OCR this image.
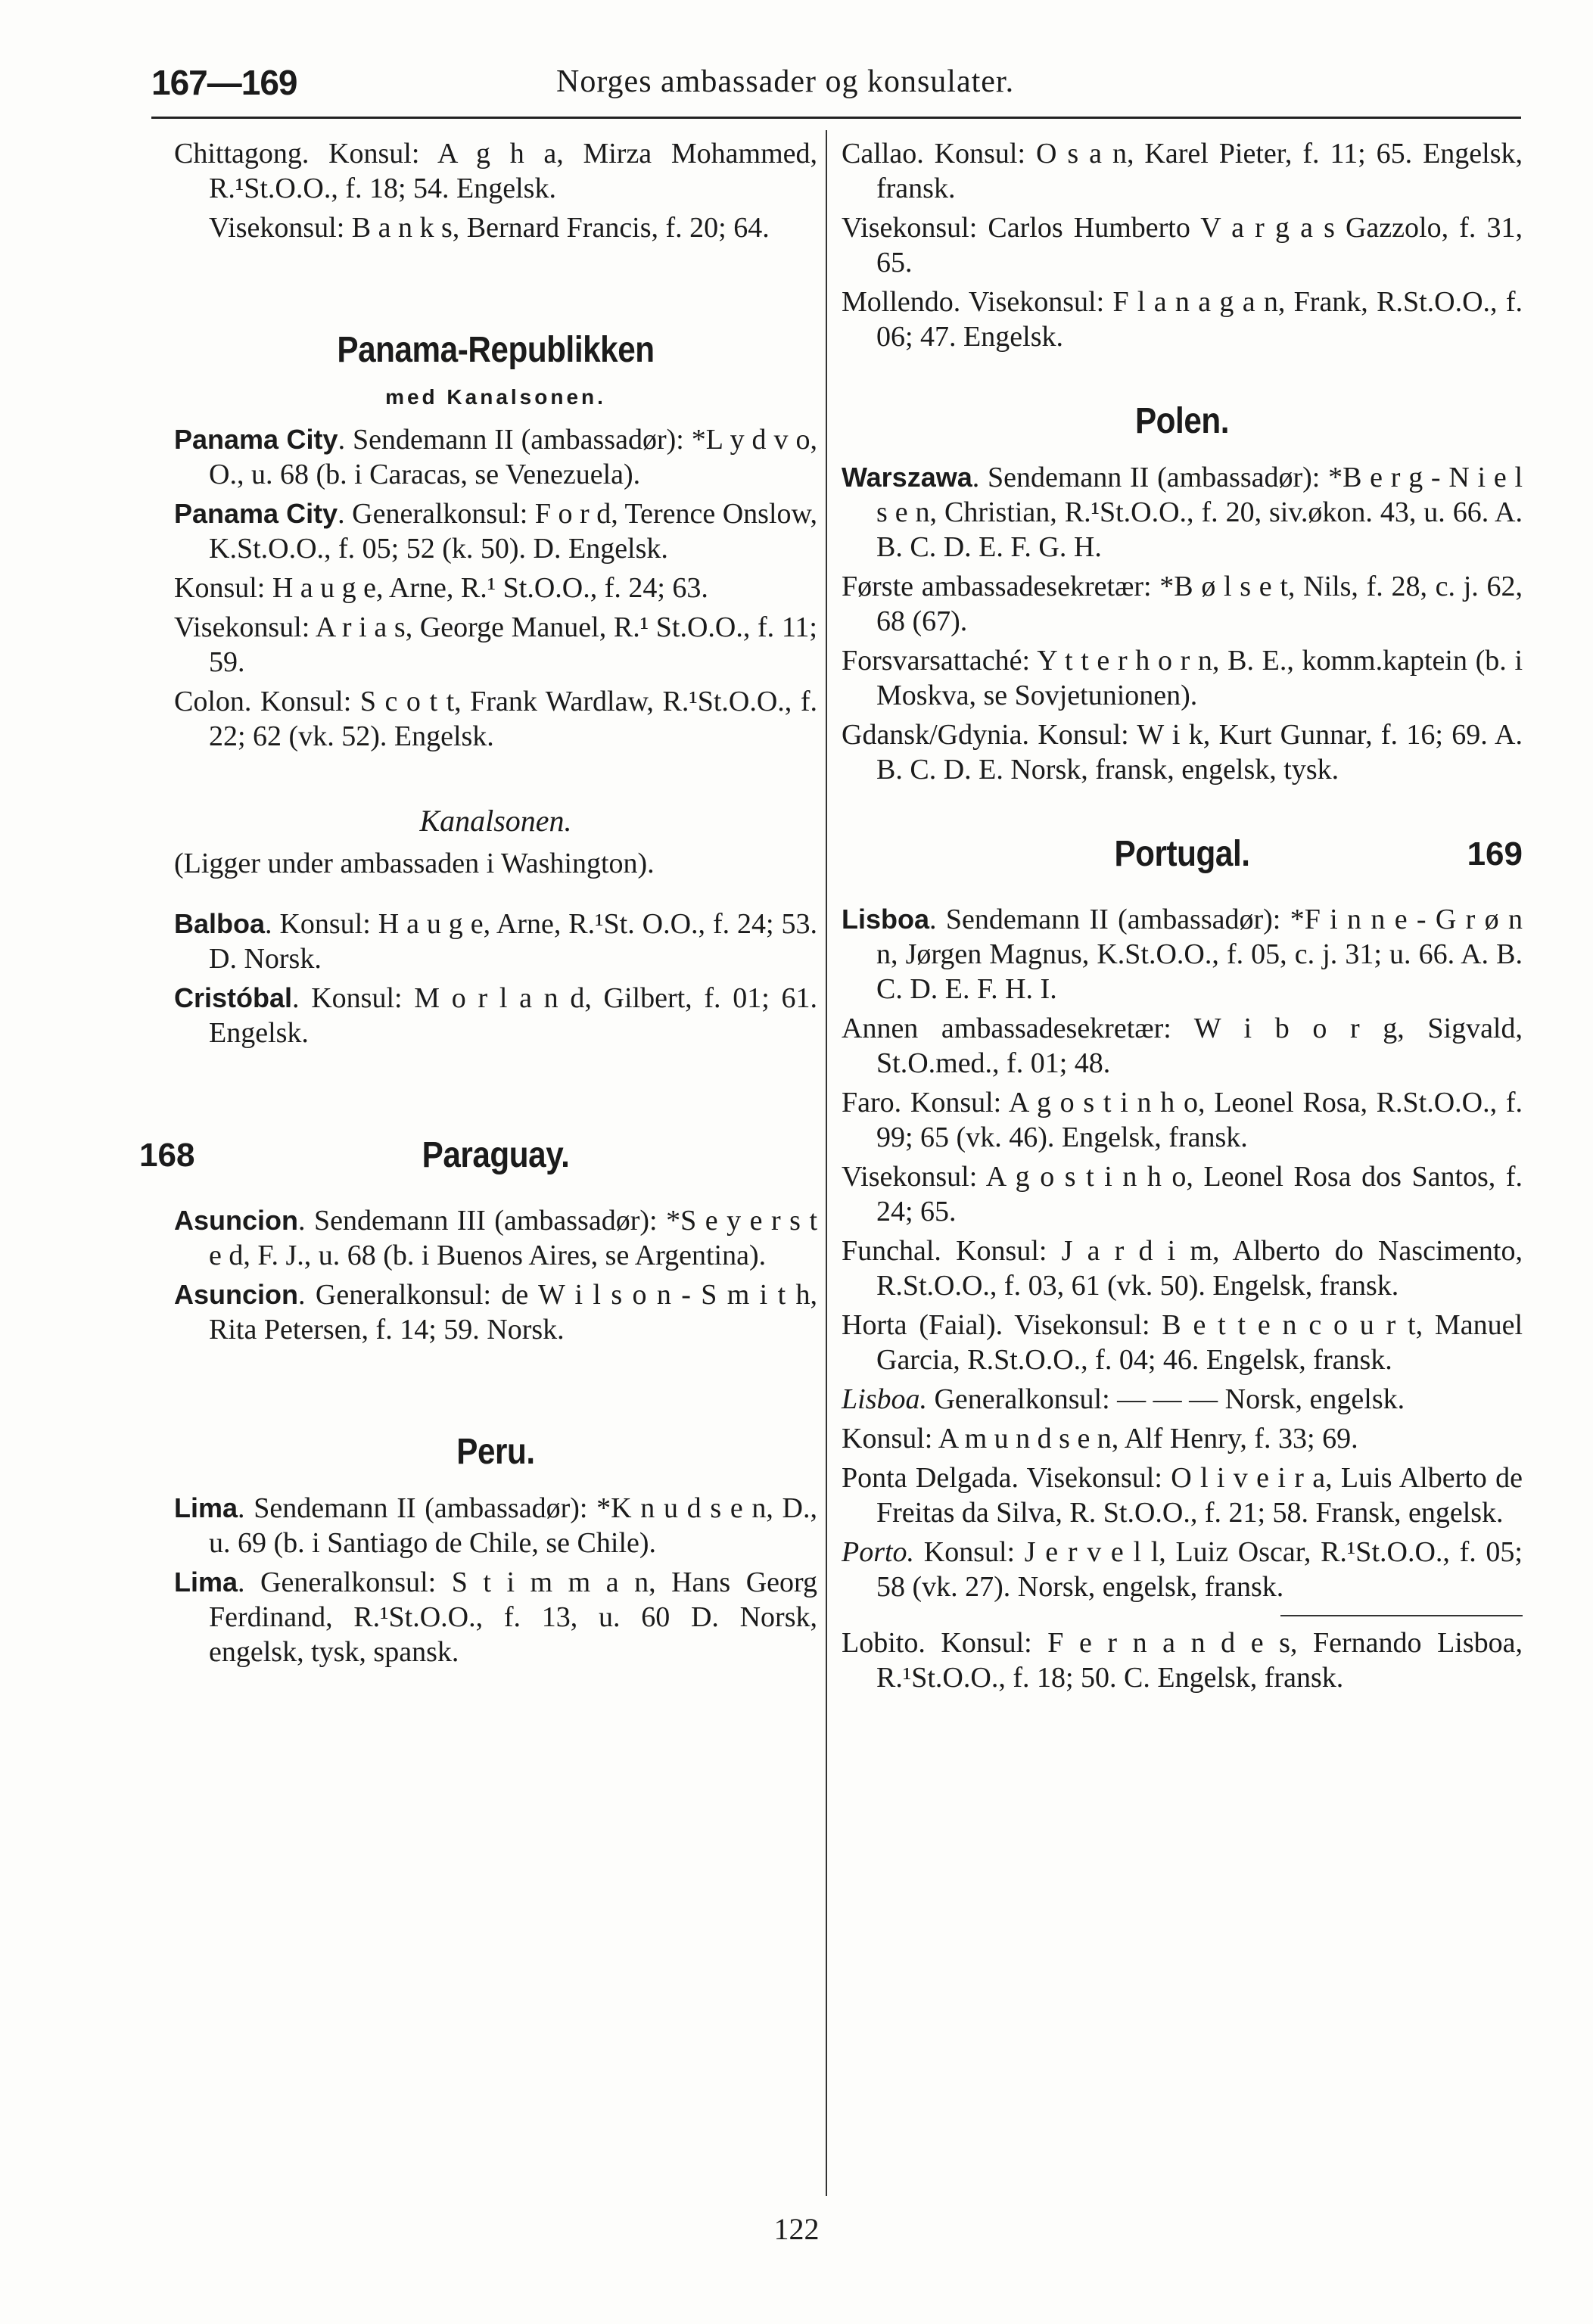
167—169	Norges ambassader og konsulater.
Chittagong. Konsul: A g h a, Mirza Mohammed, R.¹St.O.O., f. 18; 54. Engelsk.
Visekonsul: B a n k s, Bernard Francis, f. 20; 64.
Panama-Republikken
med Kanalsonen.
Panama City. Sendemann II (ambassadør): *L y d v o, O., u. 68 (b. i Caracas, se Venezuela).
Panama City. Generalkonsul: F o r d, Terence Onslow, K.St.O.O., f. 05; 52 (k. 50). D. Engelsk.
Konsul: H a u g e, Arne, R.¹ St.O.O., f. 24; 63.
Visekonsul: A r i a s, George Manuel, R.¹ St.O.O., f. 11; 59.
Colon. Konsul: S c o t t, Frank Wardlaw, R.¹St.O.O., f. 22; 62 (vk. 52). Engelsk.
Kanalsonen.
(Ligger under ambassaden i Washington).
Balboa. Konsul: H a u g e, Arne, R.¹St. O.O., f. 24; 53. D. Norsk.
Cristóbal. Konsul: M o r l a n d, Gilbert, f. 01; 61. Engelsk.
168	Paraguay.
Asuncion. Sendemann III (ambassadør): *S e y e r s t e d, F. J., u. 68 (b. i Buenos Aires, se Argentina).
Asuncion. Generalkonsul: de W i l s o n - S m i t h, Rita Petersen, f. 14; 59. Norsk.
Peru.
Lima. Sendemann II (ambassadør): *K n u d s e n, D., u. 69 (b. i Santiago de Chile, se Chile).
Lima. Generalkonsul: S t i m m a n, Hans Georg Ferdinand, R.¹St.O.O., f. 13, u. 60 D. Norsk, engelsk, tysk, spansk.
Callao. Konsul: O s a n, Karel Pieter, f. 11; 65. Engelsk, fransk.
Visekonsul: Carlos Humberto V a r g a s Gazzolo, f. 31, 65.
Mollendo. Visekonsul: F l a n a g a n, Frank, R.St.O.O., f. 06; 47. Engelsk.
Polen.
Warszawa. Sendemann II (ambassadør): *B e r g - N i e l s e n, Christian, R.¹St.O.O., f. 20, siv.økon. 43, u. 66. A. B. C. D. E. F. G. H.
Første ambassadesekretær: *B ø l s e t, Nils, f. 28, c. j. 62, 68 (67).
Forsvarsattaché: Y t t e r h o r n, B. E., komm.kaptein (b. i Moskva, se Sovjetunionen).
Gdansk/Gdynia. Konsul: W i k, Kurt Gunnar, f. 16; 69. A. B. C. D. E. Norsk, fransk, engelsk, tysk.
Portugal.	169
Lisboa. Sendemann II (ambassadør): *F i n n e - G r ø n n, Jørgen Magnus, K.St.O.O., f. 05, c. j. 31; u. 66. A. B. C. D. E. F. H. I.
Annen ambassadesekretær: W i b o r g, Sigvald, St.O.med., f. 01; 48.
Faro. Konsul: A g o s t i n h o, Leonel Rosa, R.St.O.O., f. 99; 65 (vk. 46). Engelsk, fransk.
Visekonsul: A g o s t i n h o, Leonel Rosa dos Santos, f. 24; 65.
Funchal. Konsul: J a r d i m, Alberto do Nascimento, R.St.O.O., f. 03, 61 (vk. 50). Engelsk, fransk.
Horta (Faial). Visekonsul: B e t t e n c o u r t, Manuel Garcia, R.St.O.O., f. 04; 46. Engelsk, fransk.
Lisboa. Generalkonsul: — — — Norsk, engelsk.
Konsul: A m u n d s e n, Alf Henry, f. 33; 69.
Ponta Delgada. Visekonsul: O l i v e i r a, Luis Alberto de Freitas da Silva, R. St.O.O., f. 21; 58. Fransk, engelsk.
Porto. Konsul: J e r v e l l, Luiz Oscar, R.¹St.O.O., f. 05; 58 (vk. 27). Norsk, engelsk, fransk.
Lobito. Konsul: F e r n a n d e s, Fernando Lisboa, R.¹St.O.O., f. 18; 50. C. Engelsk, fransk.
122
